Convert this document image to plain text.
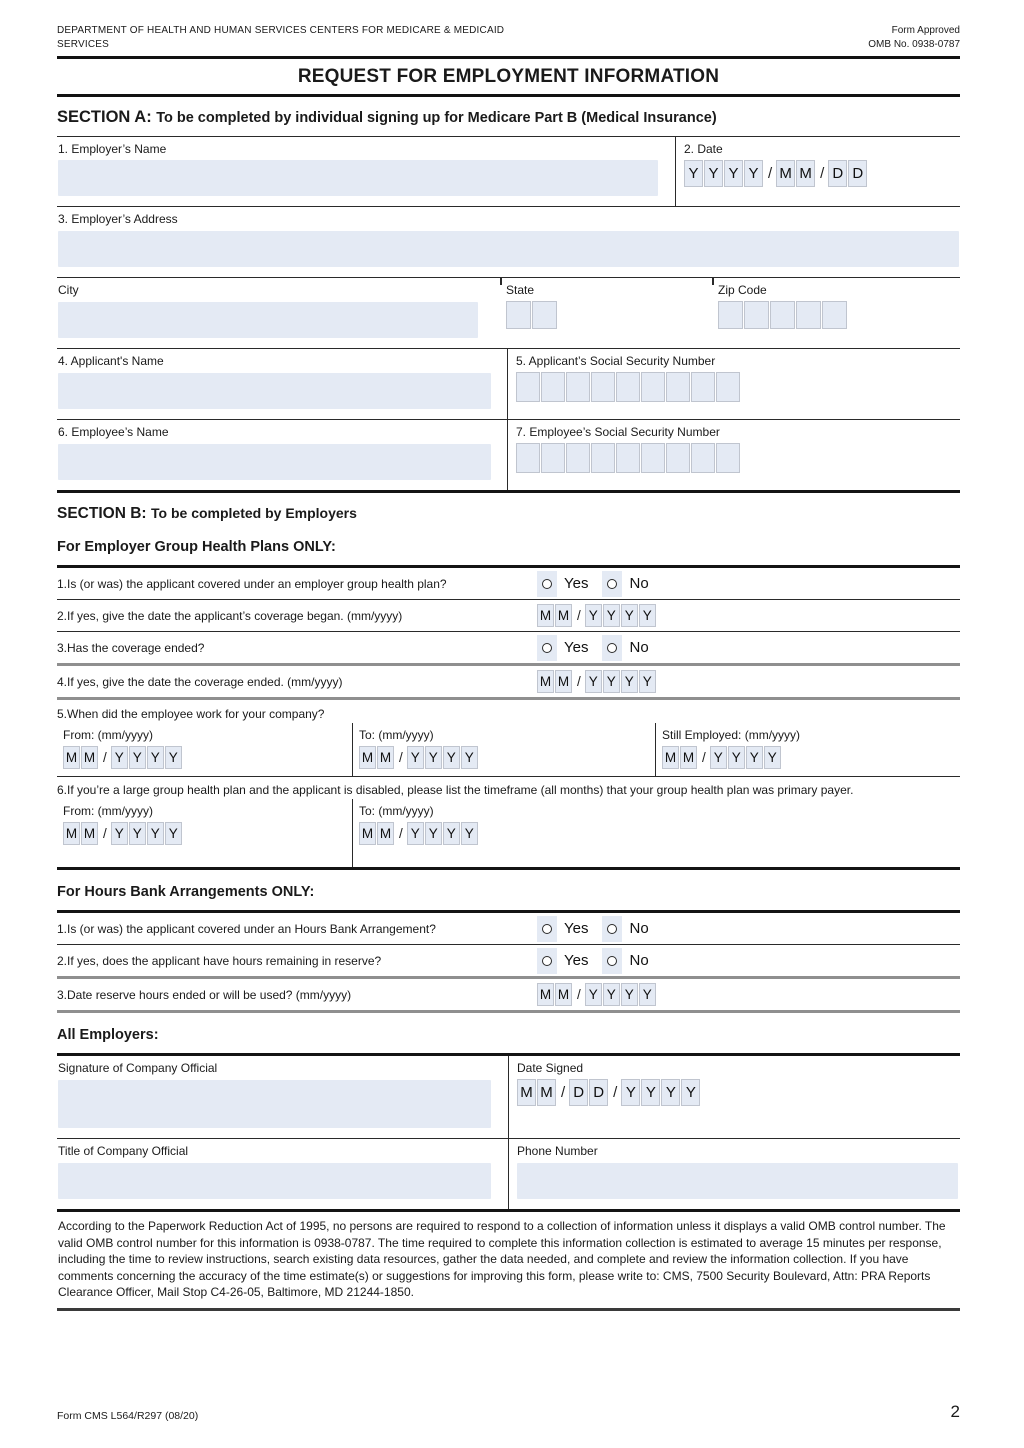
DEPARTMENT OF HEALTH AND HUMAN SERVICES CENTERS FOR MEDICARE & MEDICAID SERVICES
Form Approved
OMB No. 0938-0787
REQUEST FOR EMPLOYMENT INFORMATION
SECTION A: To be completed by individual signing up for Medicare Part B (Medical Insurance)
1. Employer’s Name	2. Date
Y Y Y Y / M M / D D
3. Employer’s Address
City	State	Zip Code
4. Applicant's Name	5. Applicant’s Social Security Number
6. Employee’s Name	7. Employee’s Social Security Number
SECTION B: To be completed by Employers
For Employer Group Health Plans ONLY:
1.Is (or was) the applicant covered under an employer group health plan?	Yes	No
2.If yes, give the date the applicant’s coverage began. (mm/yyyy)	M M / Y Y Y Y
3.Has the coverage ended?	Yes	No
4.If yes, give the date the coverage ended. (mm/yyyy)	M M / Y Y Y Y
5.When did the employee work for your company?
From: (mm/yyyy)
M M / Y Y Y Y
To: (mm/yyyy)
M M / Y Y Y Y
Still Employed: (mm/yyyy)
M M / Y Y Y Y
6.If you’re a large group health plan and the applicant is disabled, please list the timeframe (all months) that your group health plan was primary payer.
From: (mm/yyyy)
M M / Y Y Y Y
To: (mm/yyyy)
M M / Y Y Y Y
For Hours Bank Arrangements ONLY:
1.Is (or was) the applicant covered under an Hours Bank Arrangement?	Yes	No
2.If yes, does the applicant have hours remaining in reserve?	Yes	No
3.Date reserve hours ended or will be used? (mm/yyyy)	M M / Y Y Y Y
All Employers:
Signature of Company Official	Date Signed
M M / D D / Y Y Y Y
Title of Company Official	Phone Number
According to the Paperwork Reduction Act of 1995, no persons are required to respond to a collection of information unless it displays a valid OMB control number. The valid OMB control number for this information is 0938-0787. The time required to complete this information collection is estimated to average 15 minutes per response, including the time to review instructions, search existing data resources, gather the data needed, and complete and review the information collection. If you have comments concerning the accuracy of the time estimate(s) or suggestions for improving this form, please write to: CMS, 7500 Security Boulevard, Attn: PRA Reports Clearance Officer, Mail Stop C4-26-05, Baltimore, MD 21244-1850.
Form CMS L564/R297 (08/20)	2
